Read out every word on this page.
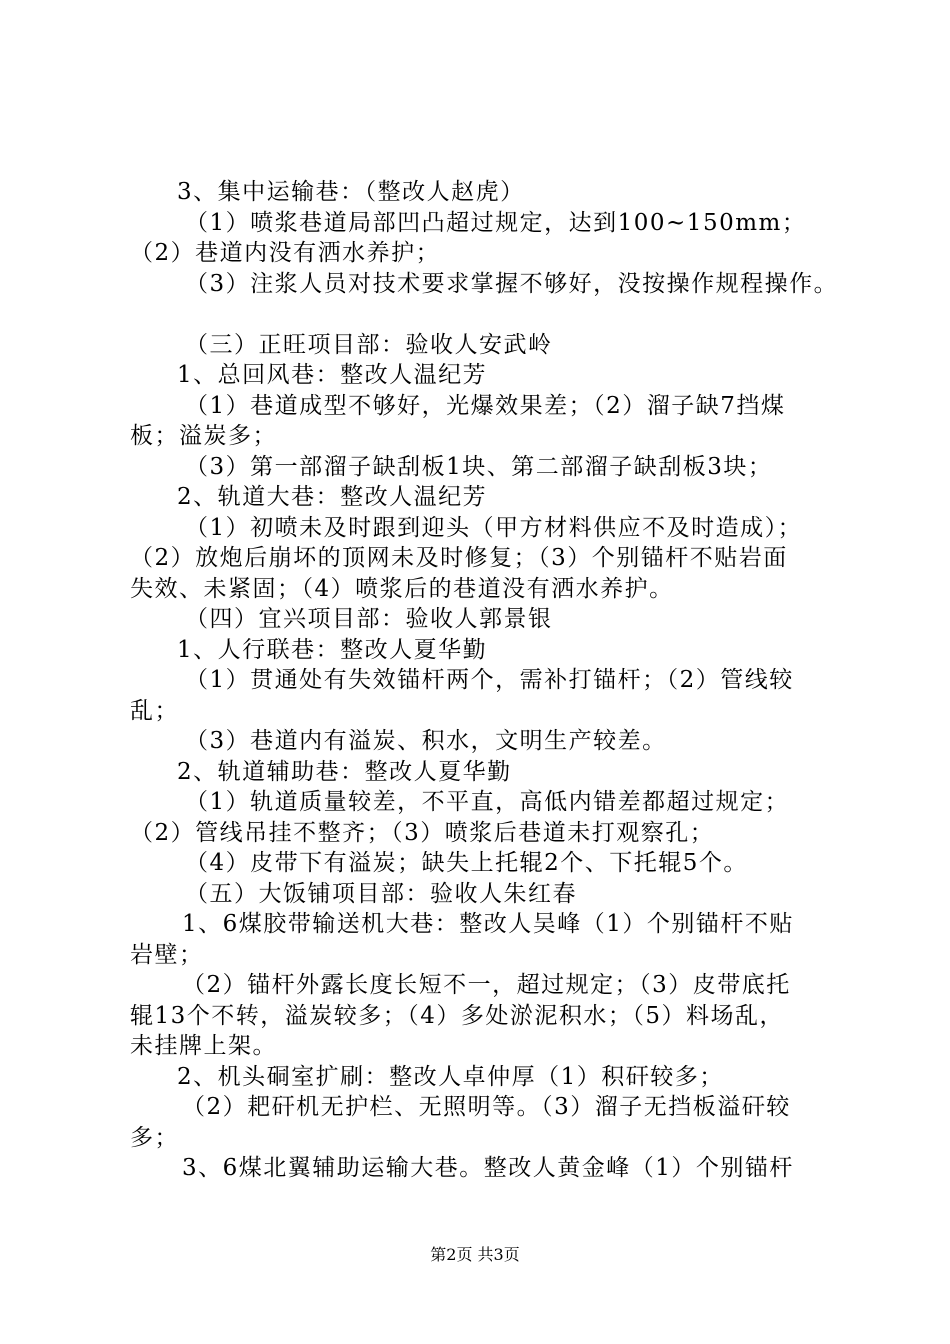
3、集中运输巷：（整改人赵虎）
（1）喷浆巷道局部凹凸超过规定，达到100~150mm；
（2）巷道内没有洒水养护；
（3）注浆人员对技术要求掌握不够好，没按操作规程操作。
（三）正旺项目部：验收人安武岭
1、总回风巷：整改人温纪芳
（1）巷道成型不够好，光爆效果差；（2）溜子缺7挡煤
板；溢炭多；
（3）第一部溜子缺刮板1块、第二部溜子缺刮板3块；
2、轨道大巷：整改人温纪芳
（1）初喷未及时跟到迎头（甲方材料供应不及时造成）；
（2）放炮后崩坏的顶网未及时修复；（3）个别锚杆不贴岩面
失效、未紧固；（4）喷浆后的巷道没有洒水养护。
（四）宜兴项目部：验收人郭景银
1、人行联巷：整改人夏华勤
（1）贯通处有失效锚杆两个，需补打锚杆；（2）管线较
乱；
（3）巷道内有溢炭、积水，文明生产较差。
2、轨道辅助巷：整改人夏华勤
（1）轨道质量较差，不平直，高低内错差都超过规定；
（2）管线吊挂不整齐；（3）喷浆后巷道未打观察孔；
（4）皮带下有溢炭；缺失上托辊2个、下托辊5个。
（五）大饭铺项目部：验收人朱红春
1、6煤胶带输送机大巷：整改人吴峰（1）个别锚杆不贴
岩壁；
（2）锚杆外露长度长短不一，超过规定；（3）皮带底托
辊13个不转，溢炭较多；（4）多处淤泥积水；（5）料场乱，
未挂牌上架。
2、机头硐室扩刷：整改人卓仲厚（1）积矸较多；
（2）耙矸机无护栏、无照明等。（3）溜子无挡板溢矸较
多；
3、6煤北翼辅助运输大巷。整改人黄金峰（1）个别锚杆
第2页 共3页
